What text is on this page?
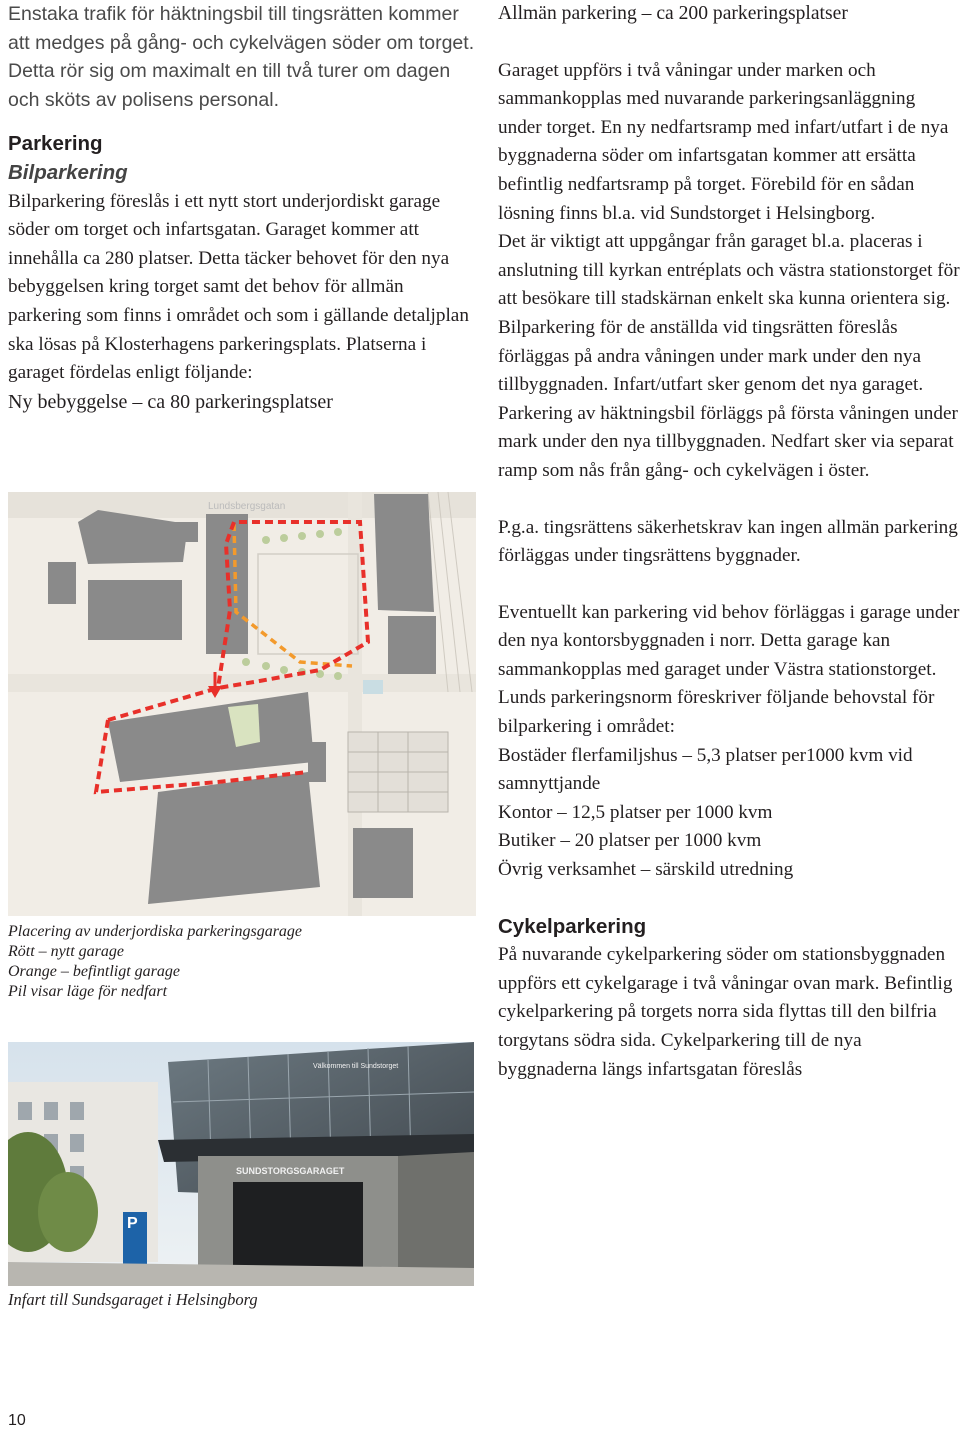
Enstaka trafik för häktningsbil till tingsrätten kommer att medges på gång- och cykelvägen söder om torget. Detta rör sig om maximalt en till två turer om dagen och sköts av polisens personal.

Parkering
Bilparkering

Bilparkering föreslås i ett nytt stort underjordiskt garage söder om torget och infartsgatan. Garaget kommer att innehålla ca 280 platser. Detta täcker behovet för den nya bebyggelsen kring torget samt det behov för allmän parkering som finns i området och som i gällande detaljplan ska lösas på Klosterhagens parkeringsplats. Platserna i garaget fördelas enligt följande:

Ny bebyggelse – ca 80 parkeringsplatser

Lundsbergsgatan

Placering av underjordiska parkeringsgarage

Rött – nytt garage

Orange – befintligt garage

Pil visar läge för nedfart

Välkommen till Sundstorget
SUNDSTORGSGARAGET
P

Infart till Sundsgaraget i Helsingborg

10

Allmän parkering – ca 200 parkeringsplatser

Garaget uppförs i två våningar under marken och sammankopplas med nuvarande parkeringsanläggning under torget. En ny nedfartsramp med infart/utfart i de nya byggnaderna söder om infartsgatan kommer att ersätta befintlig nedfartsramp på torget. Förebild för en sådan lösning finns bl.a. vid Sundstorget i Helsingborg.

Det är viktigt att uppgångar från garaget bl.a. placeras i anslutning till kyrkan entréplats och västra stationstorget för att besökare till stadskärnan enkelt ska kunna orientera sig.

Bilparkering för de anställda vid tingsrätten föreslås förläggas på andra våningen under mark under den nya tillbyggnaden. Infart/utfart sker genom det nya garaget. Parkering av häktningsbil förläggs på första våningen under mark under den nya tillbyggnaden. Nedfart sker via separat ramp som nås från gång- och cykelvägen i öster.

P.g.a. tingsrättens säkerhetskrav kan ingen allmän parkering förläggas under tingsrättens byggnader.

Eventuellt kan parkering vid behov förläggas i garage under den nya kontorsbyggnaden i norr. Detta garage kan sammankopplas med garaget under Västra stationstorget.

Lunds parkeringsnorm föreskriver följande behovstal för bilparkering i området:

Bostäder flerfamiljshus – 5,3 platser per1000 kvm vid samnyttjande

Kontor – 12,5 platser per 1000 kvm

Butiker – 20 platser per 1000 kvm

Övrig verksamhet – särskild utredning

Cykelparkering

På nuvarande cykelparkering söder om stationsbyggnaden uppförs ett cykelgarage i två våningar ovan mark. Befintlig cykelparkering på torgets norra sida flyttas till den bilfria torgytans södra sida. Cykelparkering till de nya byggnaderna längs infartsgatan föreslås
